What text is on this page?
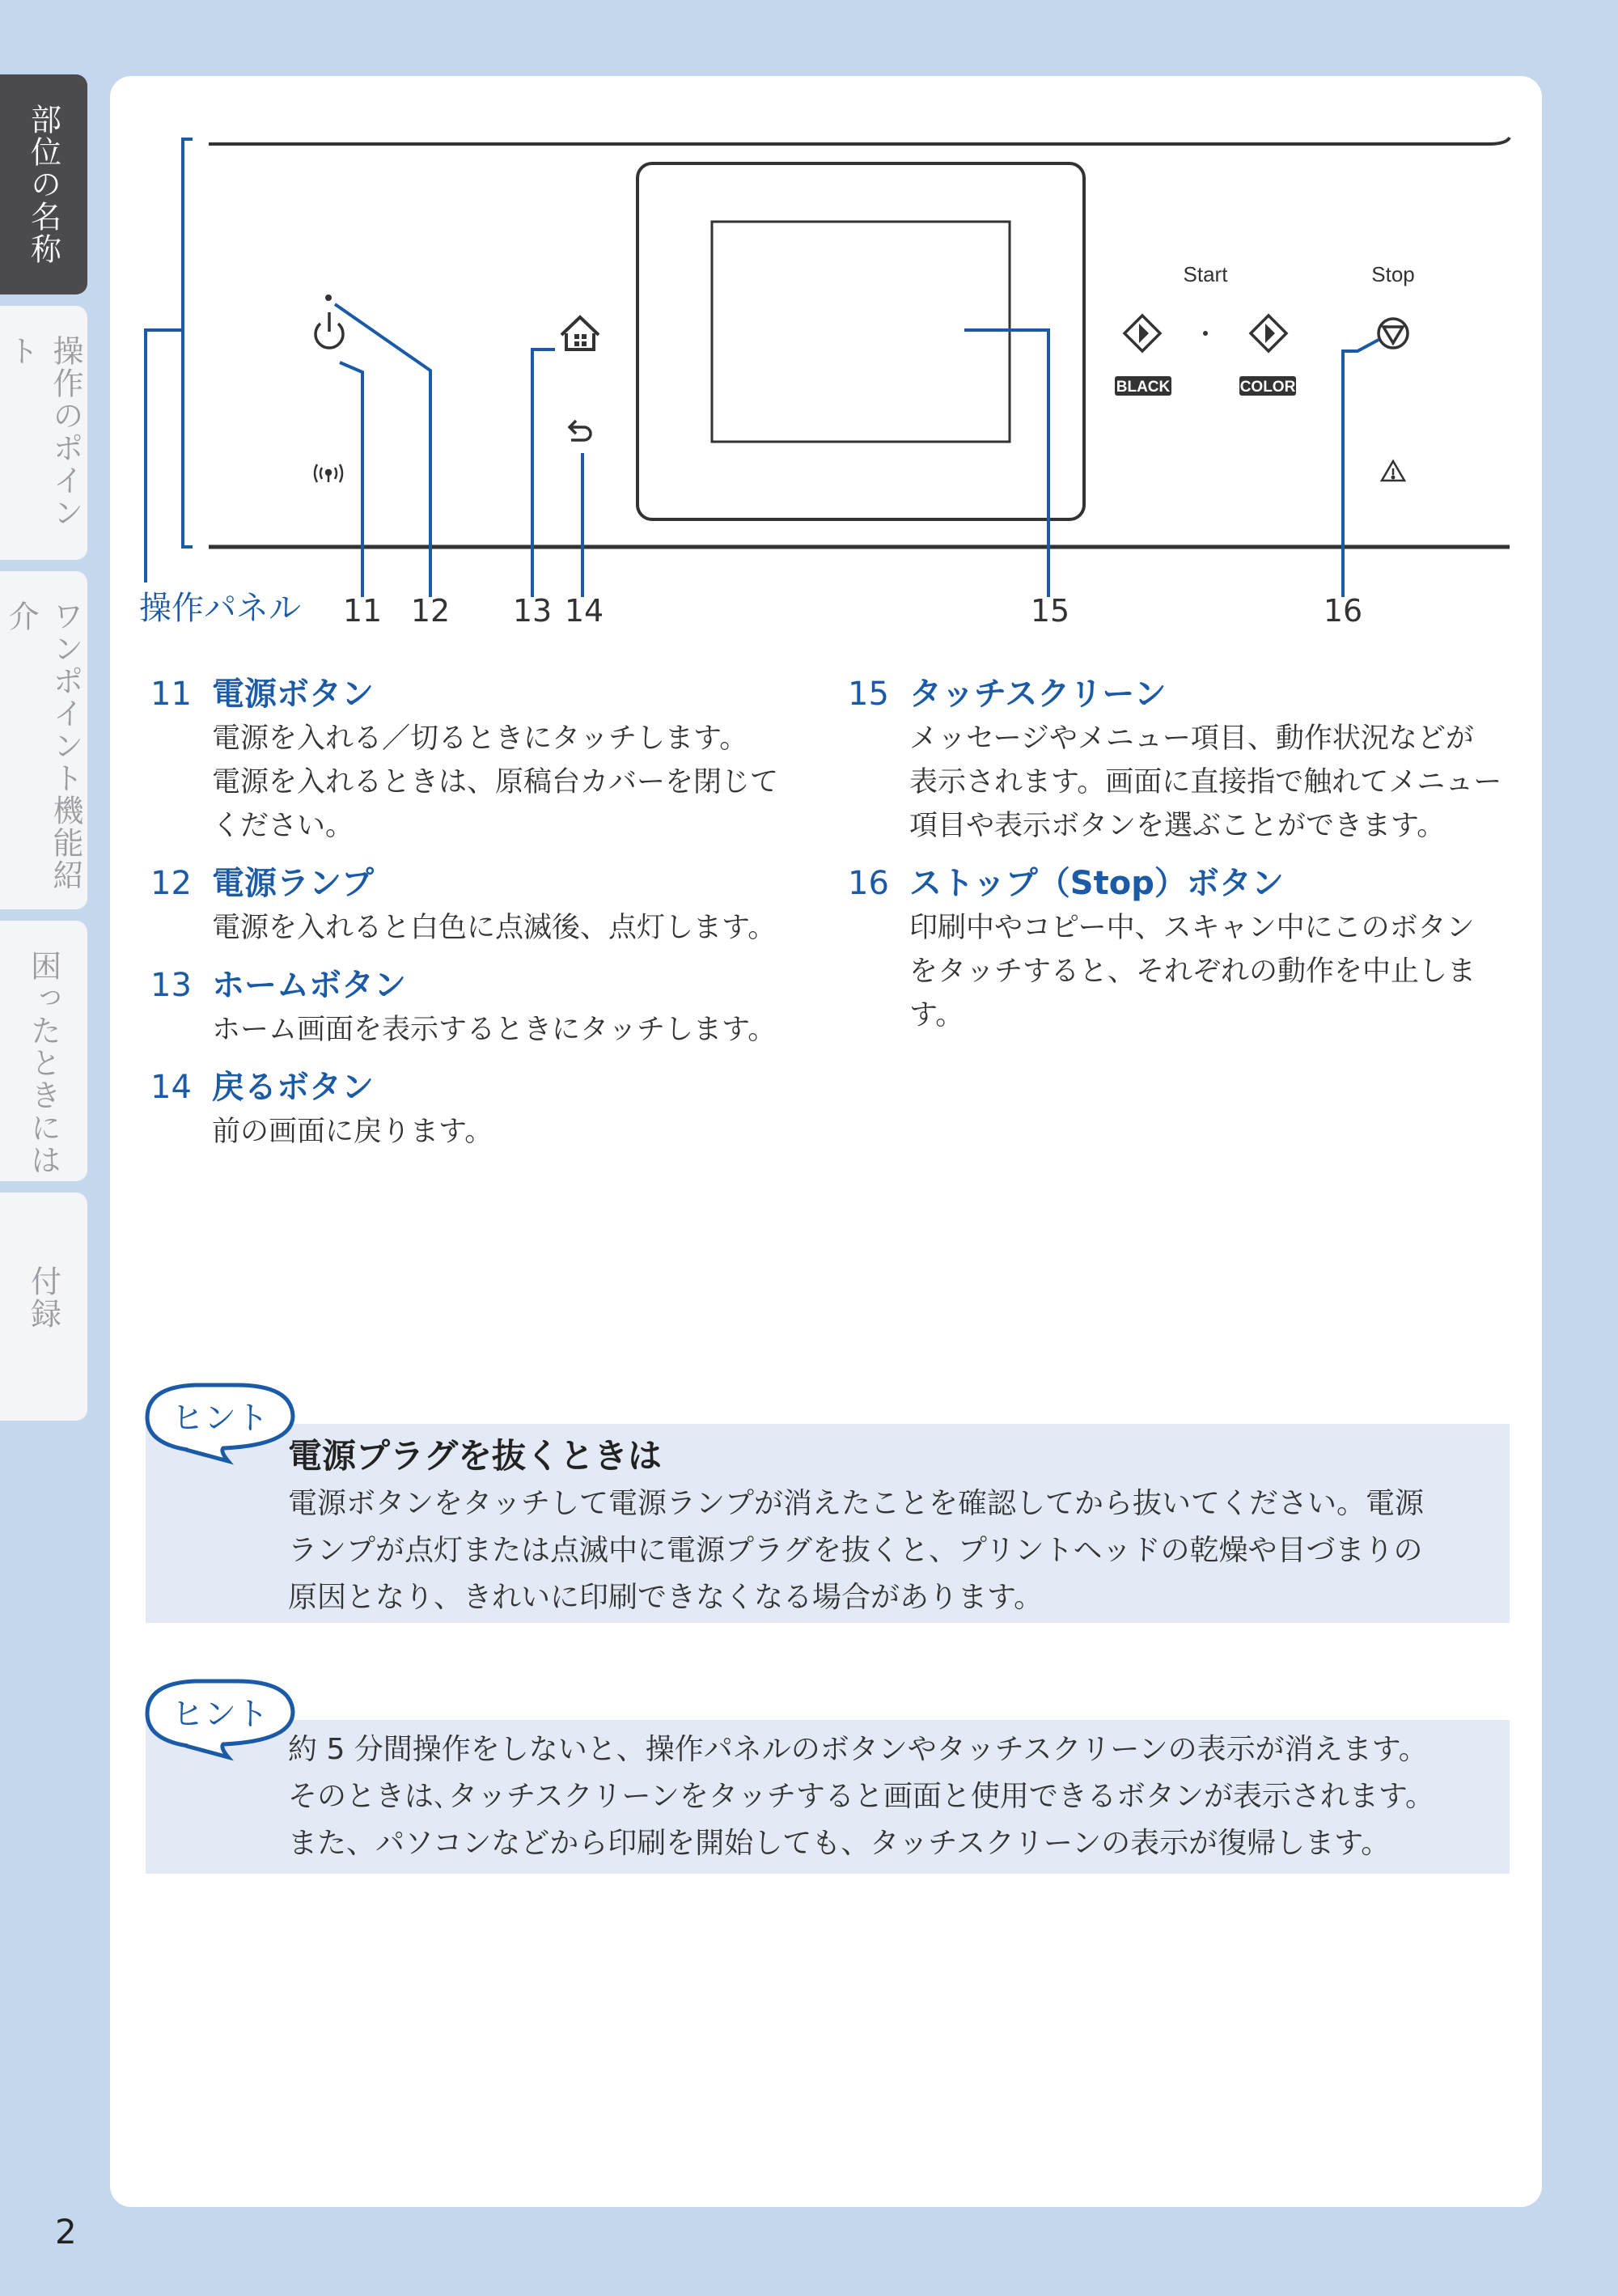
部位の名称
操作のポイント
ワンポイント機能紹介
困ったときには
付録
2
Start	Stop
BLACK	COLOR
11 12 13 14	15	16
操作パネル
11 電源ボタン
電源を入れる／切るときにタッチします。
電源を入れるときは、原稿台カバーを閉じて
ください。
12 電源ランプ
電源を入れると白色に点滅後、点灯します。
13 ホームボタン
ホーム画面を表示するときにタッチします。
14 戻るボタン
前の画面に戻ります。
15 タッチスクリーン
メッセージやメニュー項目、動作状況などが
表示されます。画面に直接指で触れてメニュー
項目や表示ボタンを選ぶことができます。
16 ストップ（Stop）ボタン
印刷中やコピー中、スキャン中にこのボタン
をタッチすると、それぞれの動作を中止しま
す。
電源プラグを抜くときは
電源ボタンをタッチして電源ランプが消えたことを確認してから抜いてください。電源
ランプが点灯または点滅中に電源プラグを抜くと、プリントヘッドの乾燥や目づまりの
原因となり、きれいに印刷できなくなる場合があります。
ヒント
約 5 分間操作をしないと、操作パネルのボタンやタッチスクリーンの表示が消えます。
そのときは､タッチスクリーンをタッチすると画面と使用できるボタンが表示されます。
また、パソコンなどから印刷を開始しても、タッチスクリーンの表示が復帰します。
ヒント
